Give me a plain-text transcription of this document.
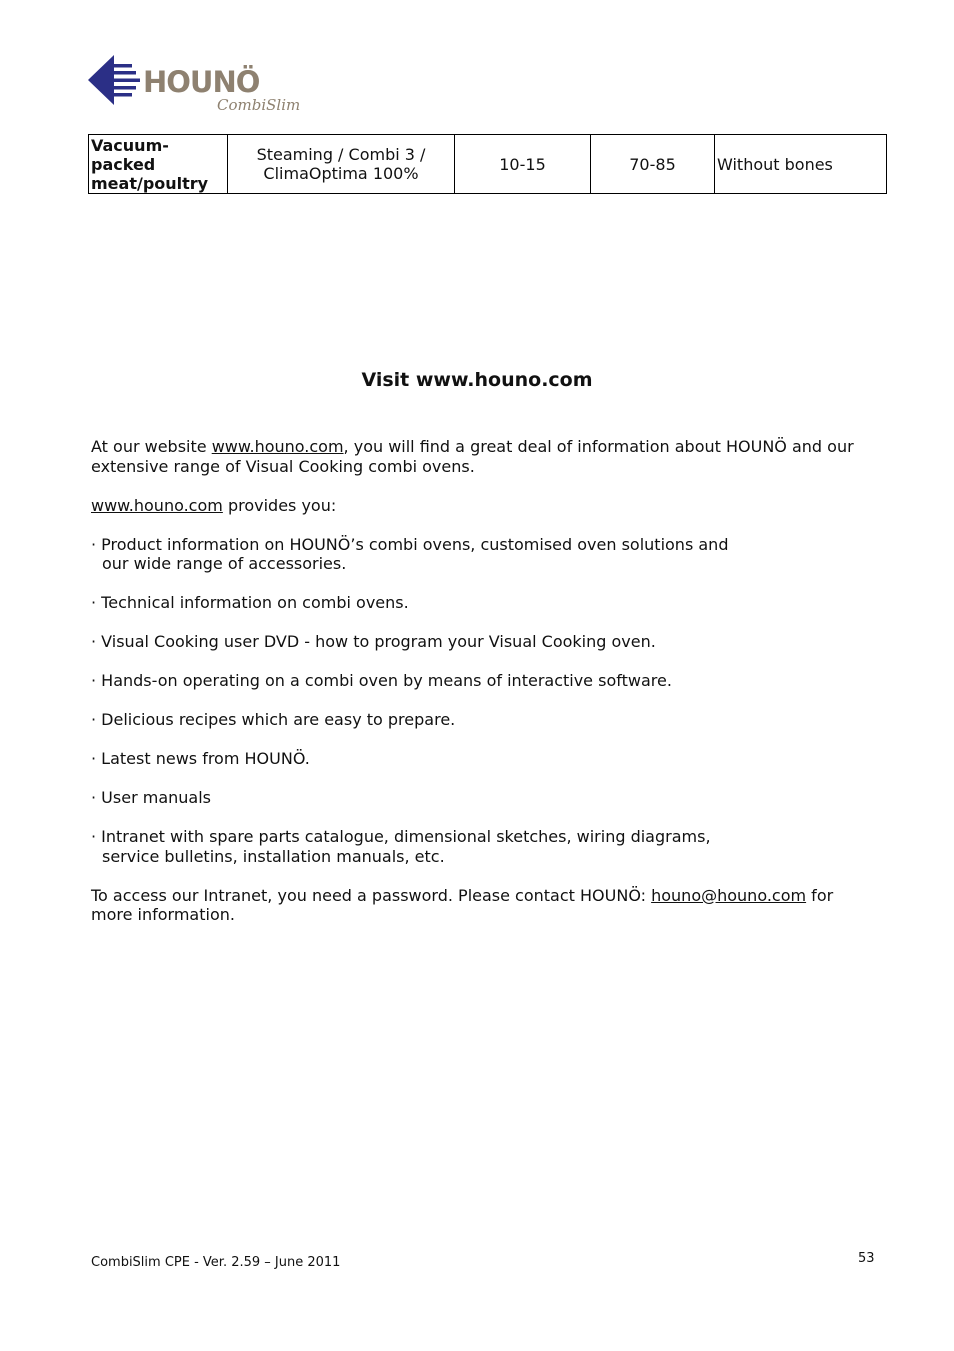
HOUNÖ
CombiSlim
Vacuum-packed meat/poultry	Steaming / Combi 3 / ClimaOptima 100%	10-15	70-85	Without bones
Visit www.houno.com

At our website www.houno.com, you will find a great deal of information about HOUNÖ and our extensive range of Visual Cooking combi ovens.

www.houno.com provides you:

· Product information on HOUNÖ’s combi ovens, customised oven solutions and our wide range of accessories.

· Technical information on combi ovens.

· Visual Cooking user DVD - how to program your Visual Cooking oven.

· Hands-on operating on a combi oven by means of interactive software.

· Delicious recipes which are easy to prepare.

· Latest news from HOUNÖ.

· User manuals

· Intranet with spare parts catalogue, dimensional sketches, wiring diagrams, service bulletins, installation manuals, etc.

To access our Intranet, you need a password. Please contact HOUNÖ: houno@houno.com for more information.

CombiSlim CPE - Ver. 2.59 – June 2011	53
